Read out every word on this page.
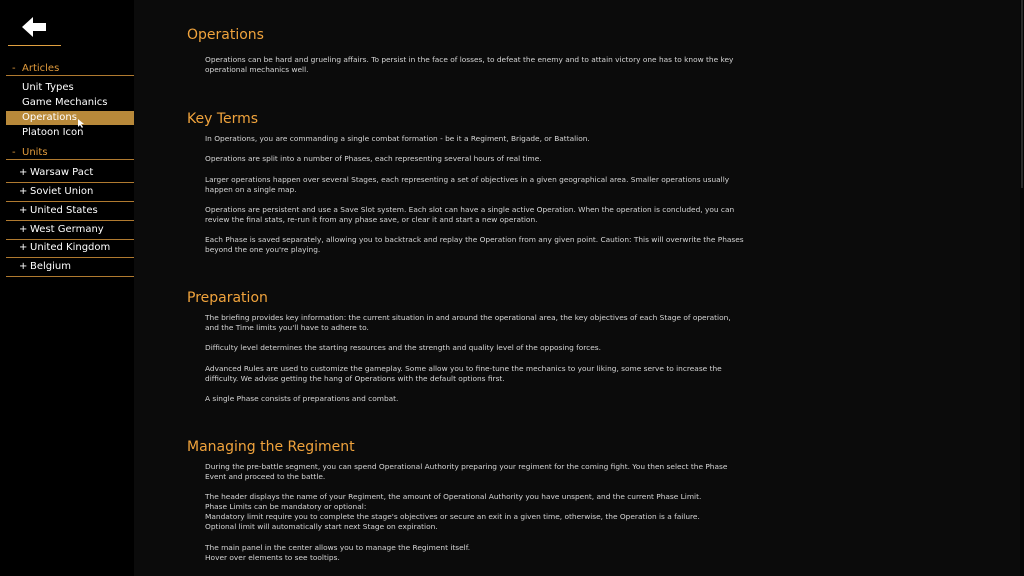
- Articles
Unit Types
Game Mechanics
Operations
Platoon Icon
- Units
+ Warsaw Pact
+ Soviet Union
+ United States
+ West Germany
+ United Kingdom
+ Belgium
Operations
Operations can be hard and grueling affairs. To persist in the face of losses, to defeat the enemy and to attain victory one has to know the key operational mechanics well.
Key Terms
In Operations, you are commanding a single combat formation - be it a Regiment, Brigade, or Battalion.
Operations are split into a number of Phases, each representing several hours of real time.
Larger operations happen over several Stages, each representing a set of objectives in a given geographical area. Smaller operations usually happen on a single map.
Operations are persistent and use a Save Slot system. Each slot can have a single active Operation. When the operation is concluded, you can review the final stats, re-run it from any phase save, or clear it and start a new operation.
Each Phase is saved separately, allowing you to backtrack and replay the Operation from any given point. Caution: This will overwrite the Phases beyond the one you're playing.
Preparation
The briefing provides key information: the current situation in and around the operational area, the key objectives of each Stage of operation, and the Time limits you'll have to adhere to.
Difficulty level determines the starting resources and the strength and quality level of the opposing forces.
Advanced Rules are used to customize the gameplay. Some allow you to fine-tune the mechanics to your liking, some serve to increase the difficulty. We advise getting the hang of Operations with the default options first.
A single Phase consists of preparations and combat.
Managing the Regiment
During the pre-battle segment, you can spend Operational Authority preparing your regiment for the coming fight. You then select the Phase Event and proceed to the battle.
The header displays the name of your Regiment, the amount of Operational Authority you have unspent, and the current Phase Limit.
Phase Limits can be mandatory or optional:
Mandatory limit require you to complete the stage's objectives or secure an exit in a given time, otherwise, the Operation is a failure.
Optional limit will automatically start next Stage on expiration.
The main panel in the center allows you to manage the Regiment itself.
Hover over elements to see tooltips.
